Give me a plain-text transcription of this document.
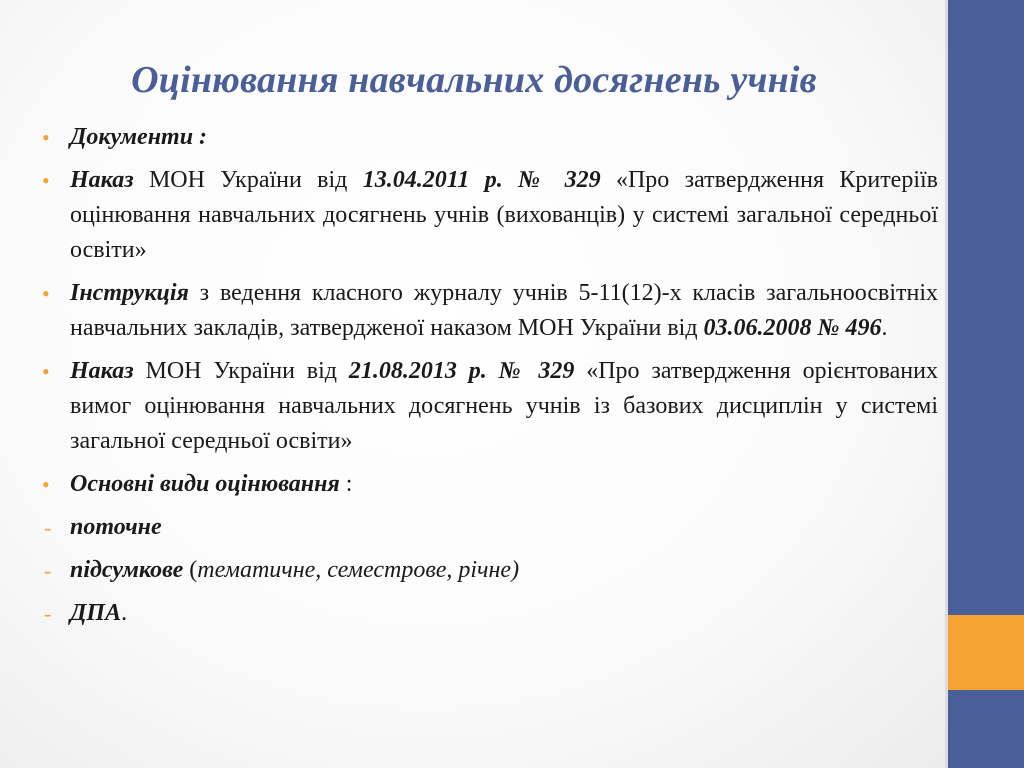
Оцінювання навчальних досягнень учнів
• Документи :
• Наказ МОН України від 13.04.2011 р. № 329 «Про затвердження Критеріїв оцінювання навчальних досягнень учнів (вихованців) у системі загальної середньої освіти»
• Інструкція з ведення класного журналу учнів 5-11(12)-х класів загальноосвітніх навчальних закладів, затвердженої наказом МОН України від 03.06.2008 № 496.
• Наказ МОН України від 21.08.2013 р. № 329 «Про затвердження орієнтованих вимог оцінювання навчальних досягнень учнів із базових дисциплін у системі загальної середньої освіти»
• Основні види оцінювання :
- поточне
- підсумкове (тематичне, семестрове, річне)
- ДПА.
